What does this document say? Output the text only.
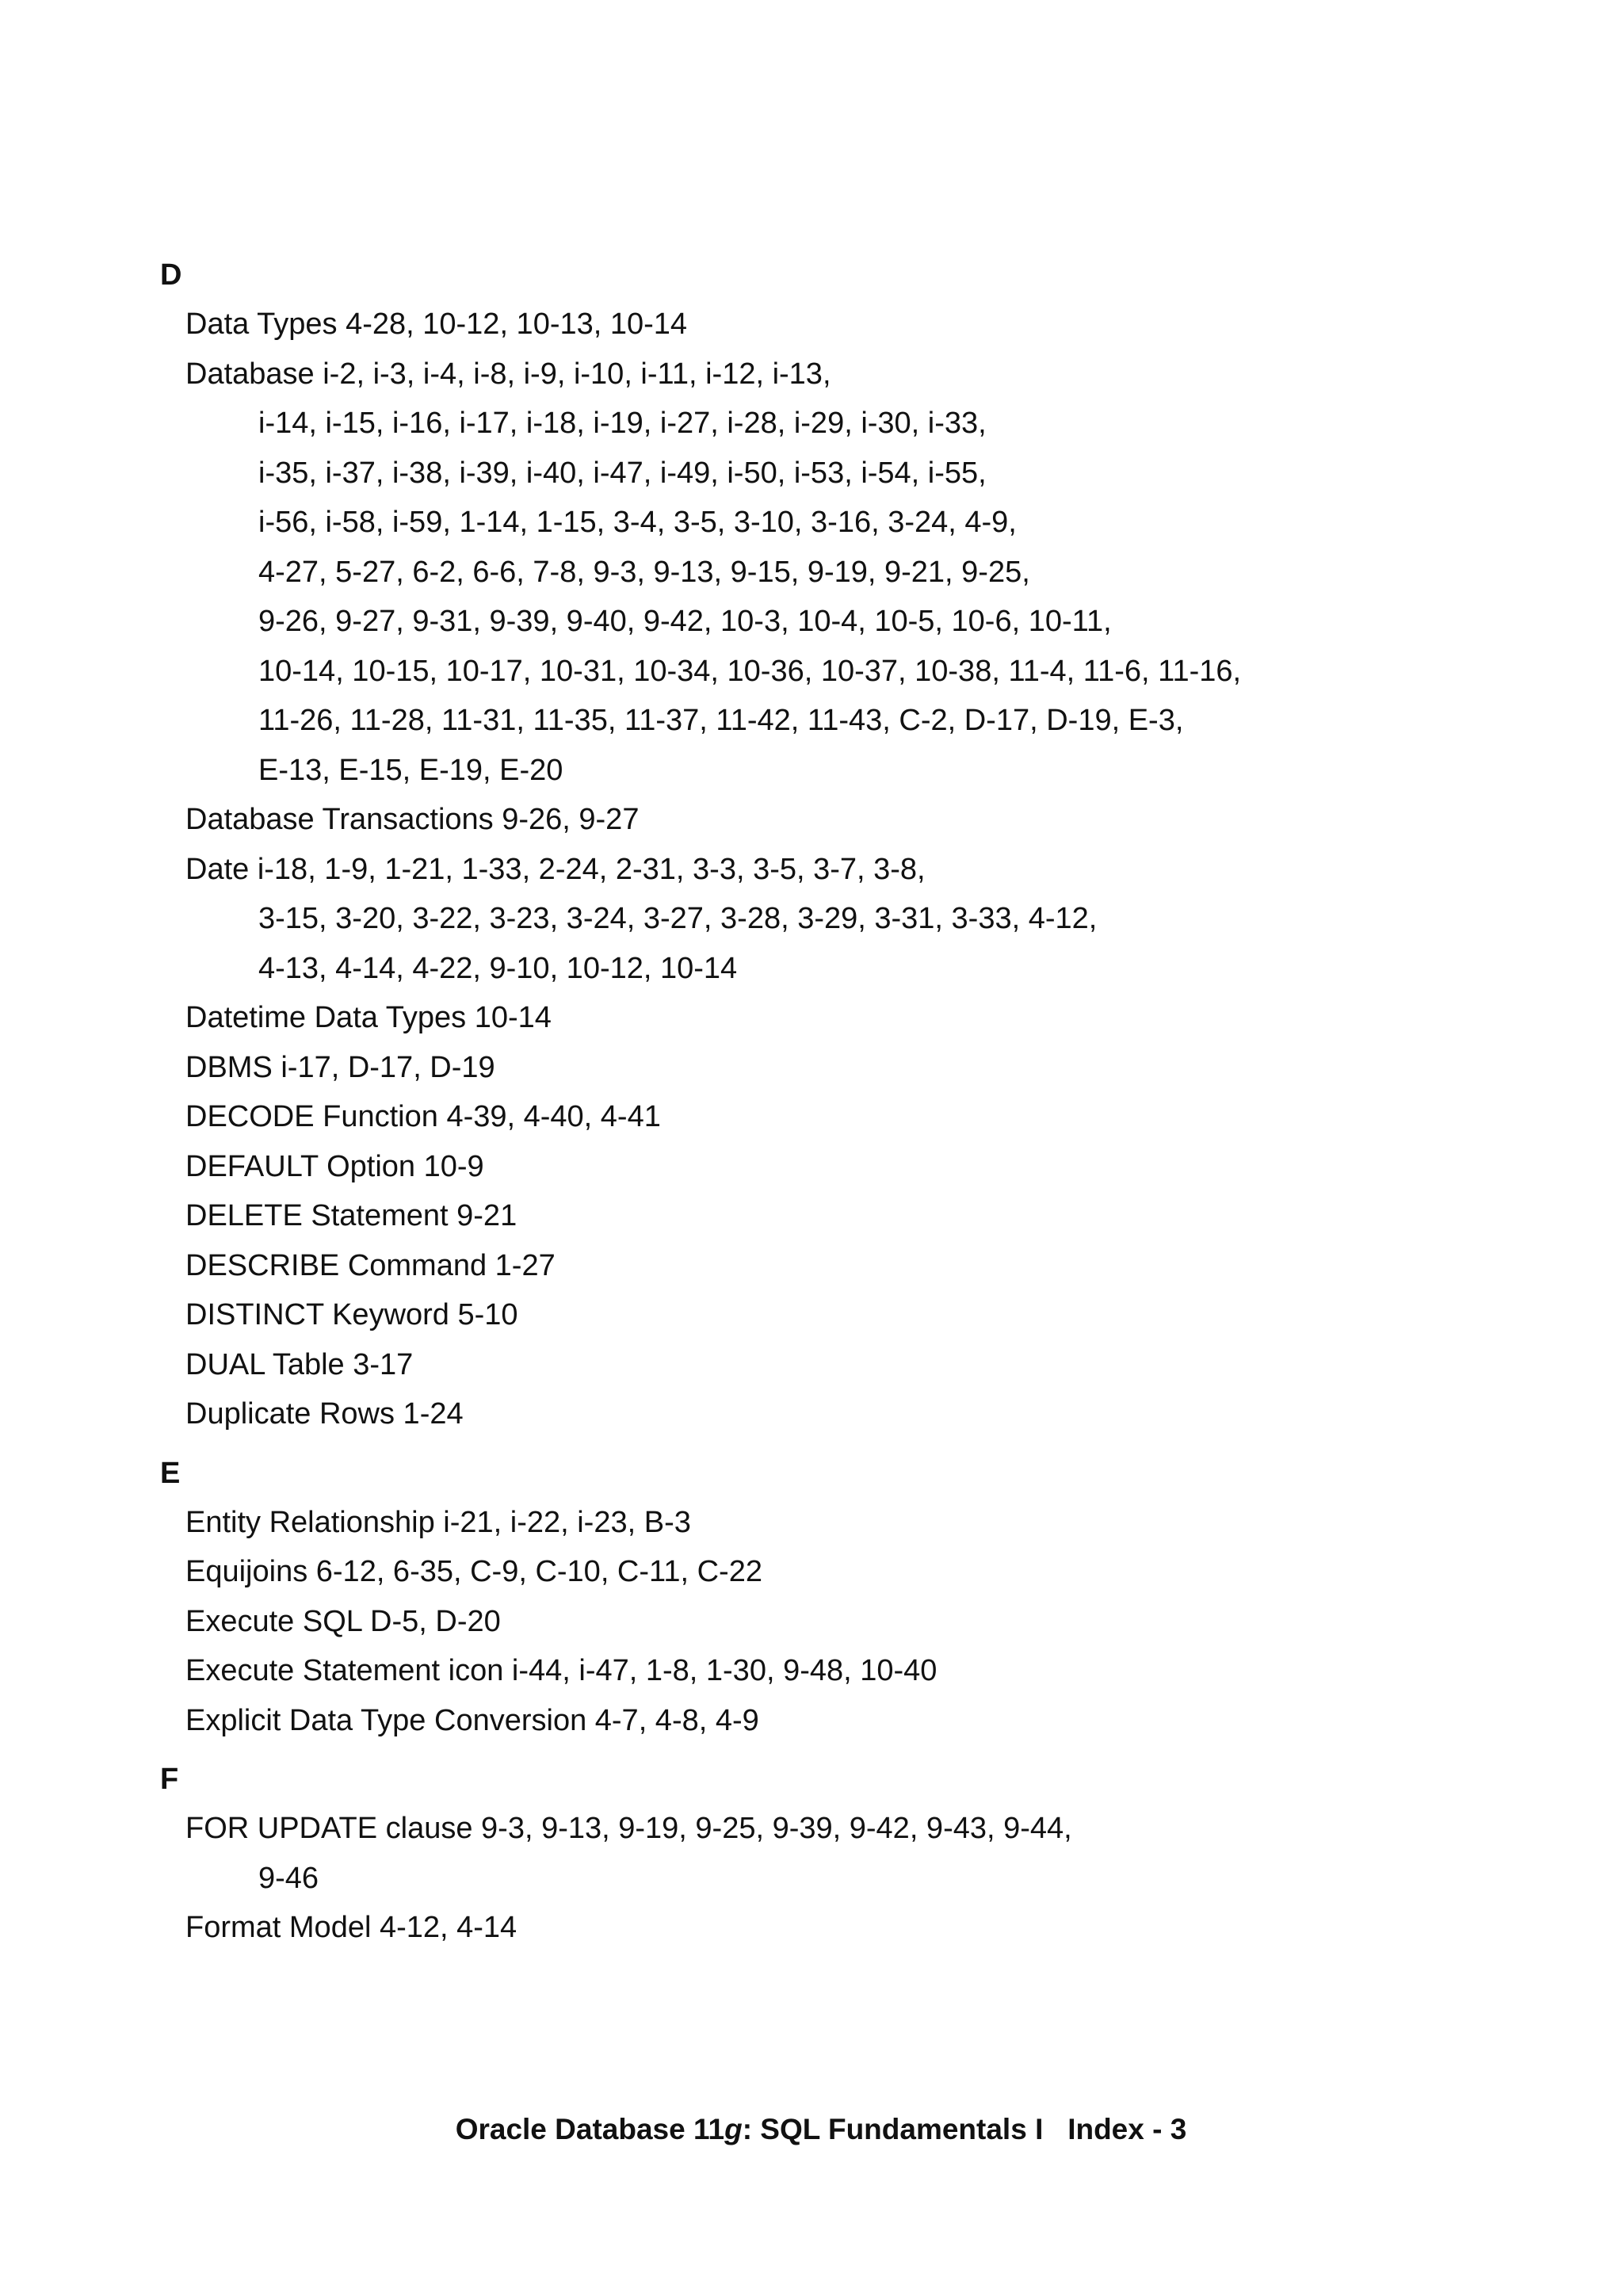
D
Data Types 4-28, 10-12, 10-13, 10-14
Database i-2, i-3, i-4, i-8, i-9, i-10, i-11, i-12, i-13,
i-14, i-15, i-16, i-17, i-18, i-19, i-27, i-28, i-29, i-30, i-33,
i-35, i-37, i-38, i-39, i-40, i-47, i-49, i-50, i-53, i-54, i-55,
i-56, i-58, i-59, 1-14, 1-15, 3-4, 3-5, 3-10, 3-16, 3-24, 4-9,
4-27, 5-27, 6-2, 6-6, 7-8, 9-3, 9-13, 9-15, 9-19, 9-21, 9-25,
9-26, 9-27, 9-31, 9-39, 9-40, 9-42, 10-3, 10-4, 10-5, 10-6, 10-11,
10-14, 10-15, 10-17, 10-31, 10-34, 10-36, 10-37, 10-38, 11-4, 11-6, 11-16,
11-26, 11-28, 11-31, 11-35, 11-37, 11-42, 11-43, C-2, D-17, D-19, E-3,
E-13, E-15, E-19, E-20
Database Transactions 9-26, 9-27
Date i-18, 1-9, 1-21, 1-33, 2-24, 2-31, 3-3, 3-5, 3-7, 3-8,
3-15, 3-20, 3-22, 3-23, 3-24, 3-27, 3-28, 3-29, 3-31, 3-33, 4-12,
4-13, 4-14, 4-22, 9-10, 10-12, 10-14
Datetime Data Types 10-14
DBMS i-17, D-17, D-19
DECODE Function 4-39, 4-40, 4-41
DEFAULT Option 10-9
DELETE Statement 9-21
DESCRIBE Command 1-27
DISTINCT Keyword 5-10
DUAL Table 3-17
Duplicate Rows 1-24
E
Entity Relationship i-21, i-22, i-23, B-3
Equijoins 6-12, 6-35, C-9, C-10, C-11, C-22
Execute SQL D-5, D-20
Execute Statement icon i-44, i-47, 1-8, 1-30, 9-48, 10-40
Explicit Data Type Conversion 4-7, 4-8, 4-9
F
FOR UPDATE clause 9-3, 9-13, 9-19, 9-25, 9-39, 9-42, 9-43, 9-44,
9-46
Format Model 4-12, 4-14
Oracle Database 11g: SQL Fundamentals I Index - 3
